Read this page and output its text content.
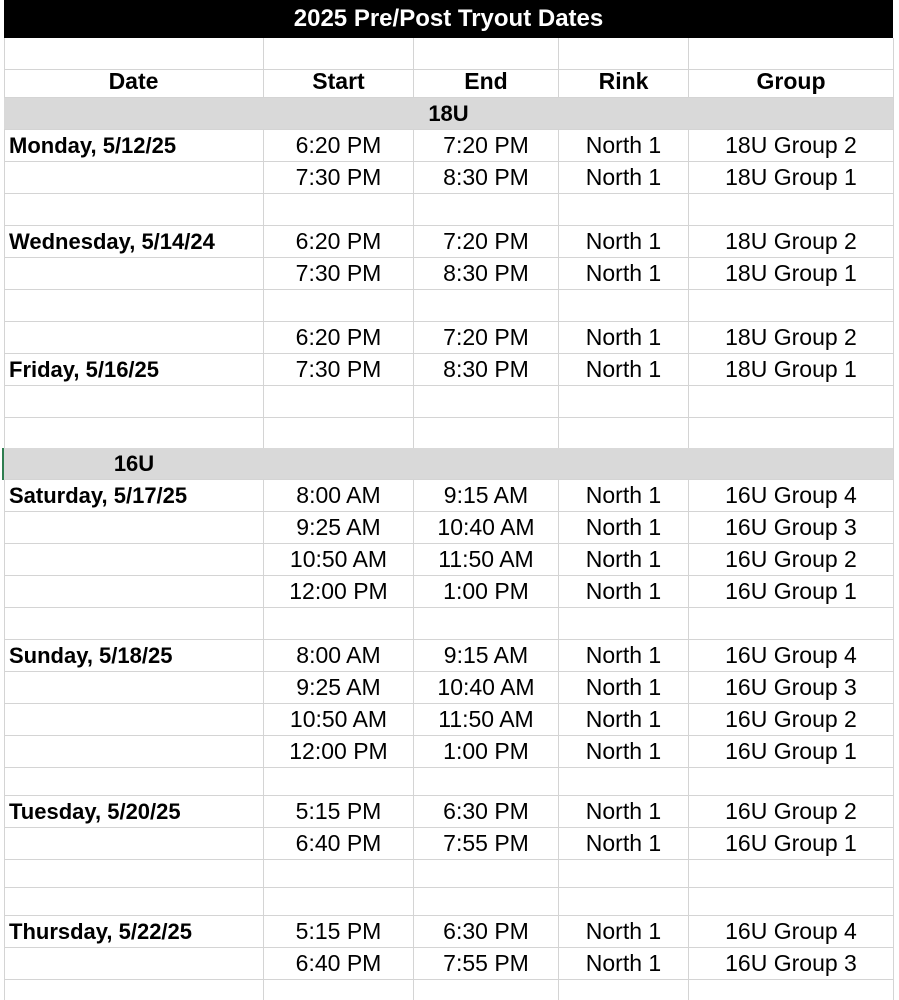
2025 Pre/Post Tryout Dates
Date	Start	End	Rink	Group
18U
Monday, 5/12/25	6:20 PM	7:20 PM	North 1	18U Group 2
7:30 PM	8:30 PM	North 1	18U Group 1
Wednesday, 5/14/24	6:20 PM	7:20 PM	North 1	18U Group 2
7:30 PM	8:30 PM	North 1	18U Group 1
6:20 PM	7:20 PM	North 1	18U Group 2
Friday, 5/16/25	7:30 PM	8:30 PM	North 1	18U Group 1
16U
Saturday, 5/17/25	8:00 AM	9:15 AM	North 1	16U Group 4
9:25 AM	10:40 AM	North 1	16U Group 3
10:50 AM	11:50 AM	North 1	16U Group 2
12:00 PM	1:00 PM	North 1	16U Group 1
Sunday, 5/18/25	8:00 AM	9:15 AM	North 1	16U Group 4
9:25 AM	10:40 AM	North 1	16U Group 3
10:50 AM	11:50 AM	North 1	16U Group 2
12:00 PM	1:00 PM	North 1	16U Group 1
Tuesday, 5/20/25	5:15 PM	6:30 PM	North 1	16U Group 2
6:40 PM	7:55 PM	North 1	16U Group 1
Thursday, 5/22/25	5:15 PM	6:30 PM	North 1	16U Group 4
6:40 PM	7:55 PM	North 1	16U Group 3
